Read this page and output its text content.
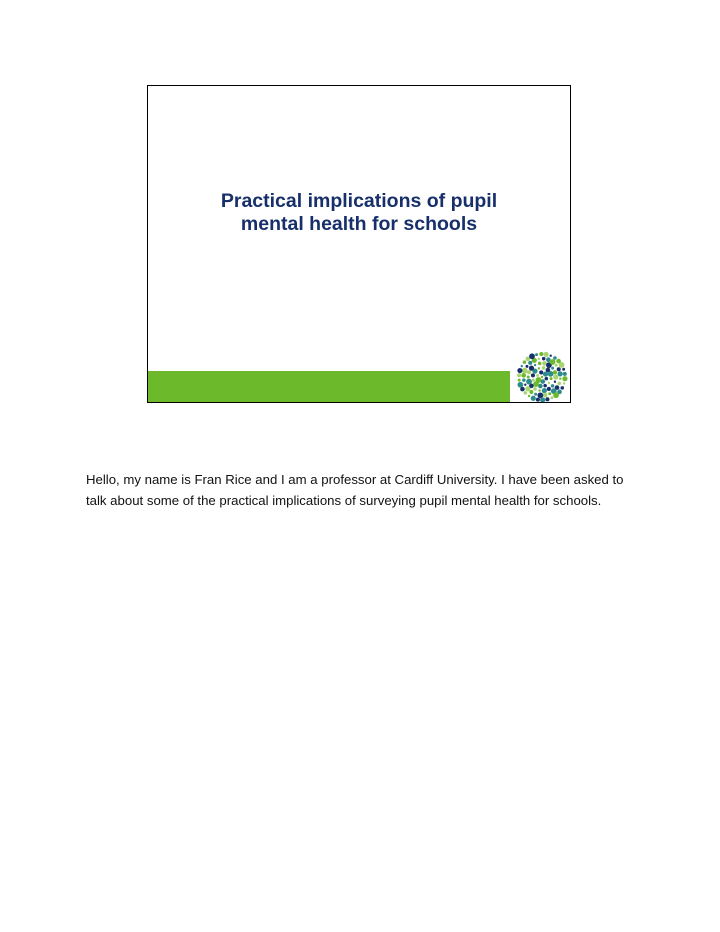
Practical implications of pupil
mental health for schools
Hello, my name is Fran Rice and I am a professor at Cardiff University. I have been asked to talk about some of the practical implications of surveying pupil mental health for schools.
